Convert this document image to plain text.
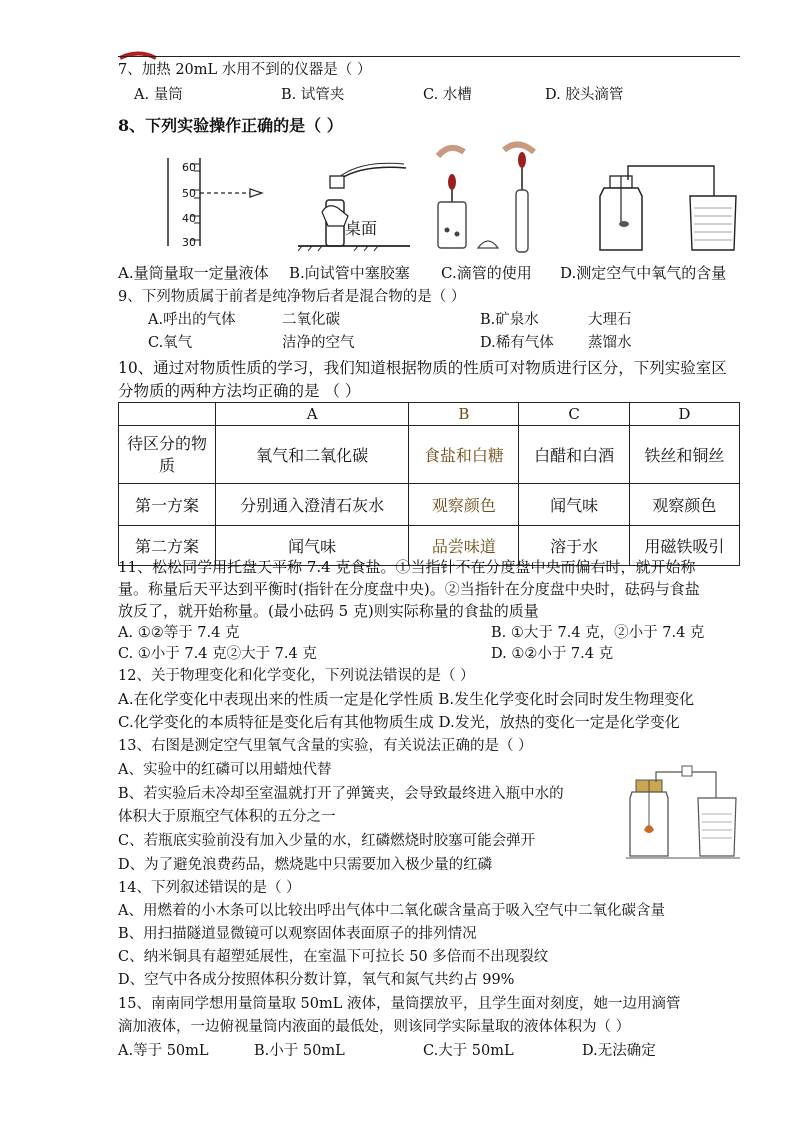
7、加热 20mL 水用不到的仪器是（ ）
A. 量筒	B. 试管夹	C. 水槽	D. 胶头滴管
8、下列实验操作正确的是（ ）
60
50
40
30
桌面
A.量筒量取一定量液体 B.向试管中塞胶塞 C.滴管的使用 D.测定空气中氧气的含量
9、下列物质属于前者是纯净物后者是混合物的是（ ）
A.呼出的气体	二氧化碳	B.矿泉水	大理石
C.氧气	洁净的空气	D.稀有气体 蒸馏水
10、通过对物质性质的学习，我们知道根据物质的性质可对物质进行区分，下列实验室区
分物质的两种方法均正确的是 （ ）
	A	B	C	D
待区分的物质	氧气和二氧化碳	食盐和白糖	白醋和白酒	铁丝和铜丝
第一方案	分别通入澄清石灰水	观察颜色	闻气味	观察颜色
第二方案	闻气味	品尝味道	溶于水	用磁铁吸引
11、松松同学用托盘天平称 7.4 克食盐。①当指针不在分度盘中央而偏右时，就开始称
量。称量后天平达到平衡时(指针在分度盘中央)。②当指针在分度盘中央时，砝码与食盐
放反了，就开始称量。(最小砝码 5 克)则实际称量的食盐的质量
A. ①②等于 7.4 克	B. ①大于 7.4 克，②小于 7.4 克
C. ①小于 7.4 克②大于 7.4 克	D. ①②小于 7.4 克
12、关于物理变化和化学变化，下列说法错误的是（ ）
A.在化学变化中表现出来的性质一定是化学性质 B.发生化学变化时会同时发生物理变化
C.化学变化的本质特征是变化后有其他物质生成 D.发光，放热的变化一定是化学变化
13、右图是测定空气里氧气含量的实验，有关说法正确的是（ ）
A、实验中的红磷可以用蜡烛代替
B、若实验后未冷却至室温就打开了弹簧夹，会导致最终进入瓶中水的
体积大于原瓶空气体积的五分之一
C、若瓶底实验前没有加入少量的水，红磷燃烧时胶塞可能会弹开
D、为了避免浪费药品，燃烧匙中只需要加入极少量的红磷
14、下列叙述错误的是（ ）
A、用燃着的小木条可以比较出呼出气体中二氧化碳含量高于吸入空气中二氧化碳含量
B、用扫描隧道显微镜可以观察固体表面原子的排列情况
C、纳米铜具有超塑延展性，在室温下可拉长 50 多倍而不出现裂纹
D、空气中各成分按照体积分数计算，氧气和氮气共约占 99%
15、南南同学想用量筒量取 50mL 液体，量筒摆放平，且学生面对刻度，她一边用滴管
滴加液体，一边俯视量筒内液面的最低处，则该同学实际量取的液体体积为（ ）
A.等于 50mL	B.小于 50mL	C.大于 50mL	D.无法确定
